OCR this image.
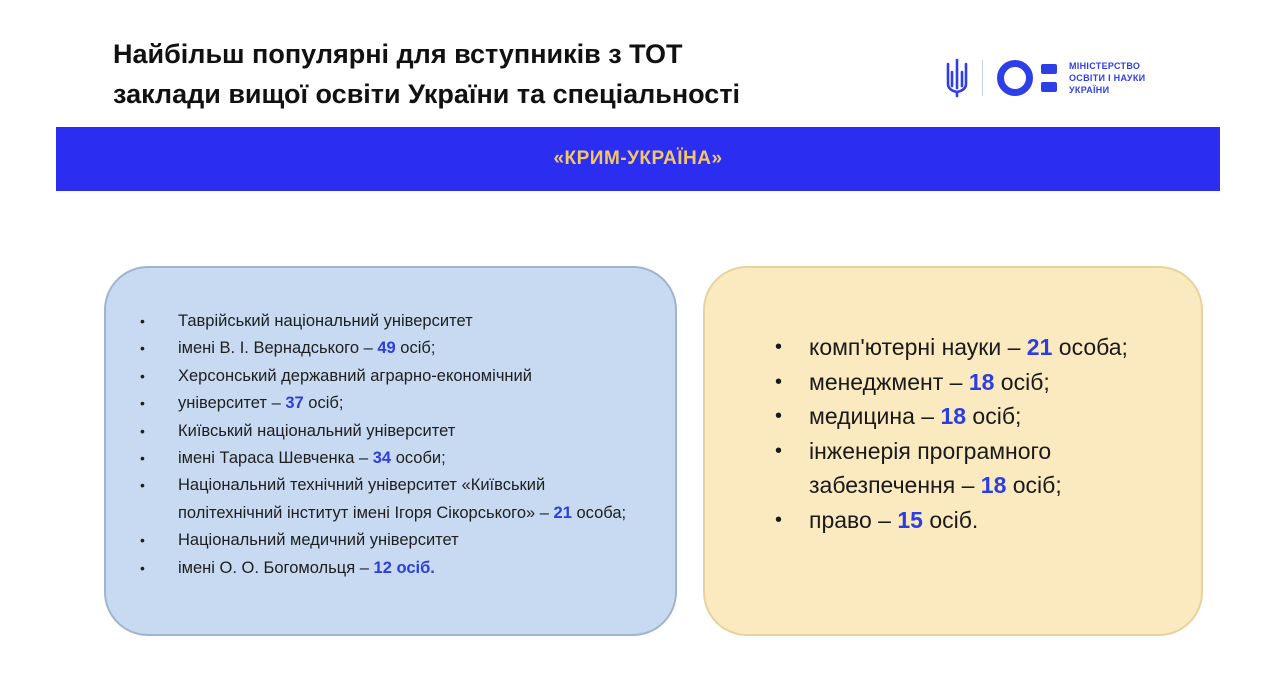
Найбільш популярні для вступників з ТОТ
заклади вищої освіти України та спеціальності
МІНІСТЕРСТВО
ОСВІТИ І НАУКИ
УКРАЇНИ
«КРИМ-УКРАЇНА»
• Таврійський національний університет
• імені В. І. Вернадського – 49 осіб;
• Херсонський державний аграрно-економічний
• університет – 37 осіб;
• Київський національний університет
• імені Тараса Шевченка – 34 особи;
• Національний технічний університет «Київський політехнічний інститут імені Ігоря Сікорського» – 21 особа;
• Національний медичний університет
• імені О. О. Богомольця – 12 осіб.
• комп'ютерні науки – 21 особа;
• менеджмент – 18 осіб;
• медицина – 18 осіб;
• інженерія програмного забезпечення – 18 осіб;
• право – 15 осіб.
